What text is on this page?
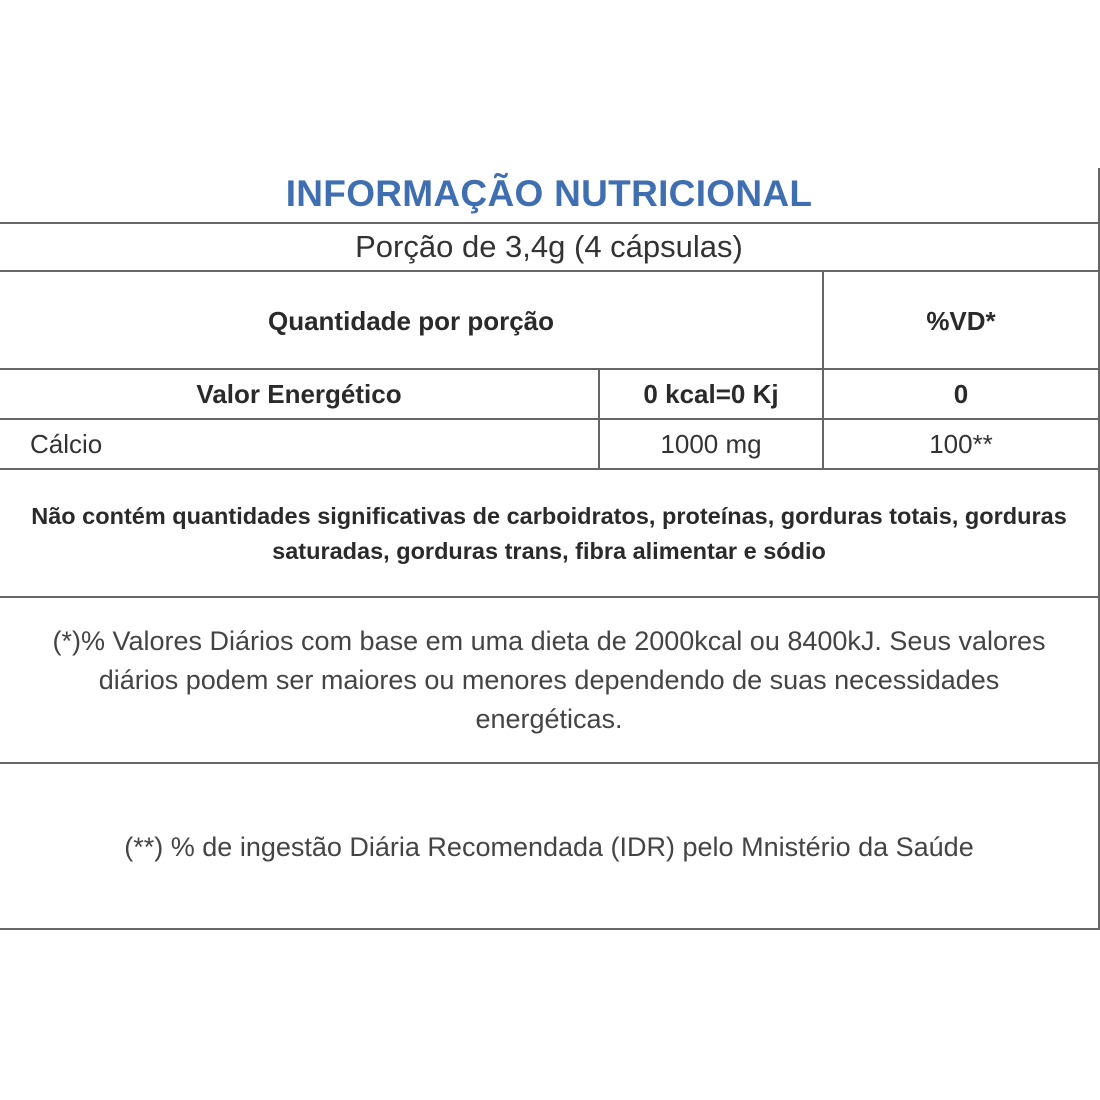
INFORMAÇÃO NUTRICIONAL
Porção de 3,4g (4 cápsulas)
Quantidade por porção	%VD*
Valor Energético	0 kcal=0 Kj	0
Cálcio	1000 mg	100**
Não contém quantidades significativas de carboidratos, proteínas, gorduras totais, gorduras saturadas, gorduras trans, fibra alimentar e sódio
(*)% Valores Diários com base em uma dieta de 2000kcal ou 8400kJ. Seus valores diários podem ser maiores ou menores dependendo de suas necessidades energéticas.
(**) % de ingestão Diária Recomendada (IDR) pelo Mnistério da Saúde
